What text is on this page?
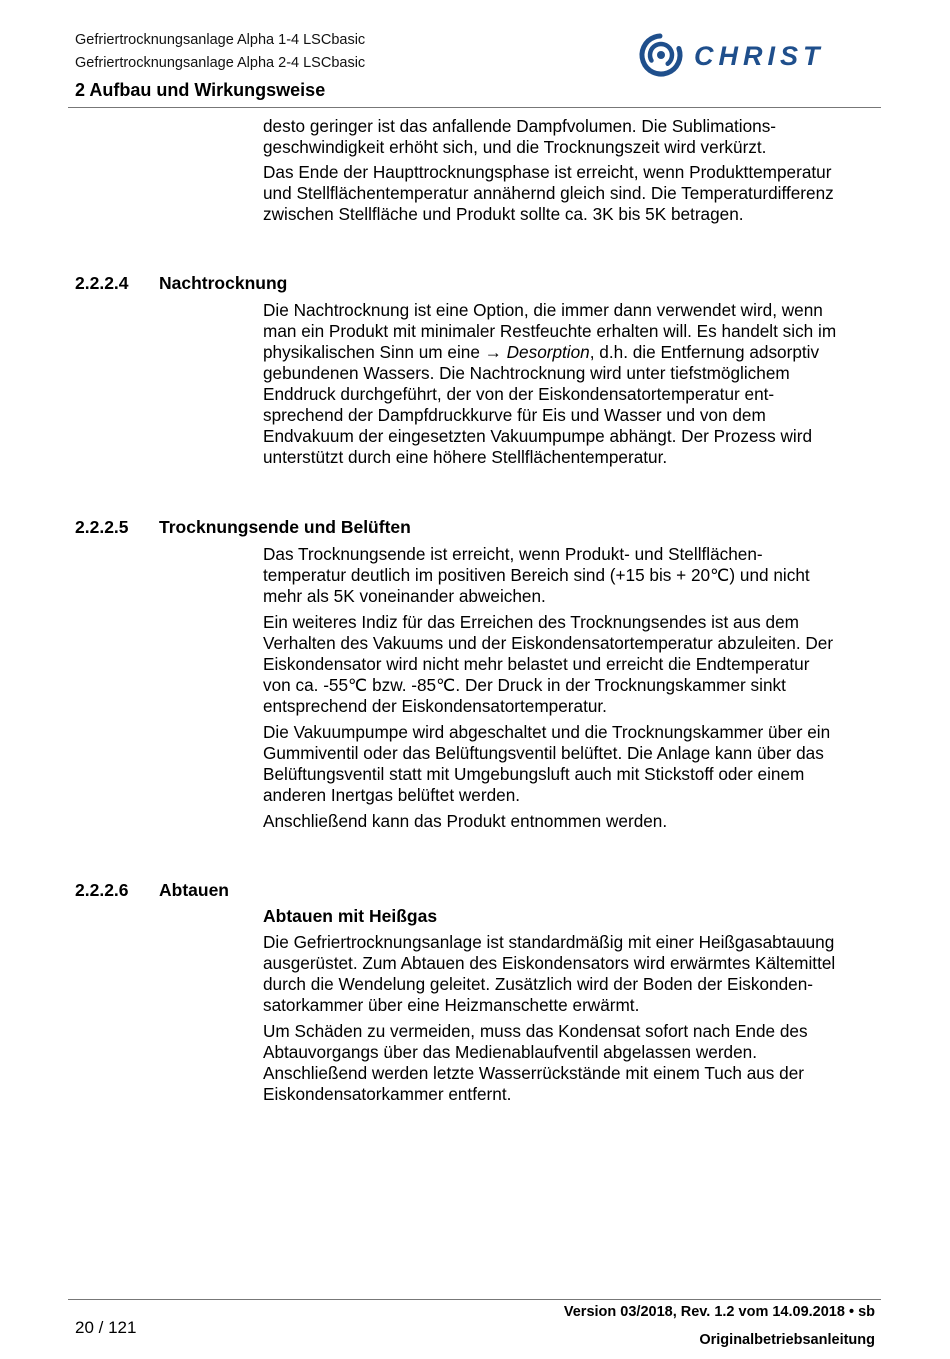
Gefriertrocknungsanlage Alpha 1-4 LSCbasic
Gefriertrocknungsanlage Alpha 2-4 LSCbasic
2 Aufbau und Wirkungsweise
CHRIST
desto geringer ist das anfallende Dampfvolumen. Die Sublimations-
geschwindigkeit erhöht sich, und die Trocknungszeit wird verkürzt.
Das Ende der Haupttrocknungsphase ist erreicht, wenn Produkttemperatur
und Stellflächentemperatur annähernd gleich sind. Die Temperaturdifferenz
zwischen Stellfläche und Produkt sollte ca. 3K bis 5K betragen.
2.2.2.4 Nachtrocknung
Die Nachtrocknung ist eine Option, die immer dann verwendet wird, wenn
man ein Produkt mit minimaler Restfeuchte erhalten will. Es handelt sich im
physikalischen Sinn um eine → Desorption, d.h. die Entfernung adsorptiv
gebundenen Wassers. Die Nachtrocknung wird unter tiefstmöglichem
Enddruck durchgeführt, der von der Eiskondensatortemperatur ent-
sprechend der Dampfdruckkurve für Eis und Wasser und von dem
Endvakuum der eingesetzten Vakuumpumpe abhängt. Der Prozess wird
unterstützt durch eine höhere Stellflächentemperatur.
2.2.2.5 Trocknungsende und Belüften
Das Trocknungsende ist erreicht, wenn Produkt- und Stellflächen-
temperatur deutlich im positiven Bereich sind (+15 bis + 20℃) und nicht
mehr als 5K voneinander abweichen.
Ein weiteres Indiz für das Erreichen des Trocknungsendes ist aus dem
Verhalten des Vakuums und der Eiskondensatortemperatur abzuleiten. Der
Eiskondensator wird nicht mehr belastet und erreicht die Endtemperatur
von ca. -55℃ bzw. -85℃. Der Druck in der Trocknungskammer sinkt
entsprechend der Eiskondensatortemperatur.
Die Vakuumpumpe wird abgeschaltet und die Trocknungskammer über ein
Gummiventil oder das Belüftungsventil belüftet. Die Anlage kann über das
Belüftungsventil statt mit Umgebungsluft auch mit Stickstoff oder einem
anderen Inertgas belüftet werden.
Anschließend kann das Produkt entnommen werden.
2.2.2.6 Abtauen
Abtauen mit Heißgas
Die Gefriertrocknungsanlage ist standardmäßig mit einer Heißgasabtauung
ausgerüstet. Zum Abtauen des Eiskondensators wird erwärmtes Kältemittel
durch die Wendelung geleitet. Zusätzlich wird der Boden der Eiskonden-
satorkammer über eine Heizmanschette erwärmt.
Um Schäden zu vermeiden, muss das Kondensat sofort nach Ende des
Abtauvorgangs über das Medienablaufventil abgelassen werden.
Anschließend werden letzte Wasserrückstände mit einem Tuch aus der
Eiskondensatorkammer entfernt.
20 / 121
Version 03/2018, Rev. 1.2 vom 14.09.2018 • sb
Originalbetriebsanleitung
